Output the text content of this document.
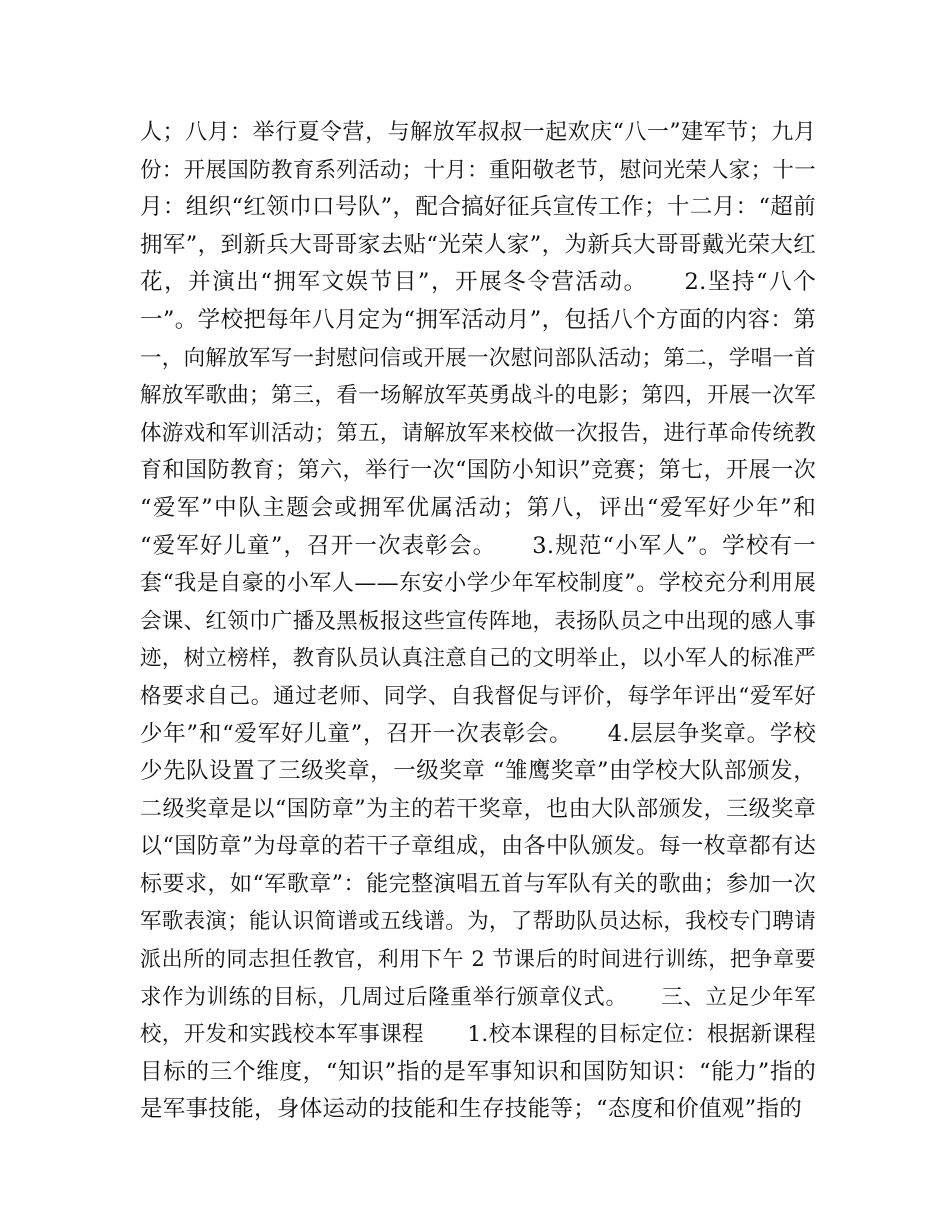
人；八月：举行夏令营，与解放军叔叔一起欢庆“八一”建军节；九月
份：开展国防教育系列活动；十月：重阳敬老节，慰问光荣人家；十一
月：组织“红领巾口号队”，配合搞好征兵宣传工作；十二月：“超前
拥军”，到新兵大哥哥家去贴“光荣人家”，为新兵大哥哥戴光荣大红
花，并演出“拥军文娱节目”，开展冬令营活动。　　2.坚持“八个
一”。学校把每年八月定为“拥军活动月”，包括八个方面的内容：第
一，向解放军写一封慰问信或开展一次慰问部队活动；第二，学唱一首
解放军歌曲；第三，看一场解放军英勇战斗的电影；第四，开展一次军
体游戏和军训活动；第五，请解放军来校做一次报告，进行革命传统教
育和国防教育；第六，举行一次“国防小知识”竞赛；第七，开展一次
“爱军”中队主题会或拥军优属活动；第八，评出“爱军好少年”和
“爱军好儿童”，召开一次表彰会。　　3.规范“小军人”。学校有一
套“我是自豪的小军人——东安小学少年军校制度”。学校充分利用展
会课、红领巾广播及黑板报这些宣传阵地，表扬队员之中出现的感人事
迹，树立榜样，教育队员认真注意自己的文明举止，以小军人的标准严
格要求自己。通过老师、同学、自我督促与评价，每学年评出“爱军好
少年”和“爱军好儿童”，召开一次表彰会。　　4.层层争奖章。学校
少先队设置了三级奖章，一级奖章 “雏鹰奖章”由学校大队部颁发，
二级奖章是以“国防章”为主的若干奖章，也由大队部颁发，三级奖章
以“国防章”为母章的若干子章组成，由各中队颁发。每一枚章都有达
标要求，如“军歌章”：能完整演唱五首与军队有关的歌曲；参加一次
军歌表演；能认识简谱或五线谱。为，了帮助队员达标，我校专门聘请
派出所的同志担任教官，利用下午 2 节课后的时间进行训练，把争章要
求作为训练的目标，几周过后隆重举行颁章仪式。　　三、立足少年军
校，开发和实践校本军事课程　　1.校本课程的目标定位：根据新课程
目标的三个维度，“知识”指的是军事知识和国防知识：“能力”指的
是军事技能，身体运动的技能和生存技能等；“态度和价值观”指的
